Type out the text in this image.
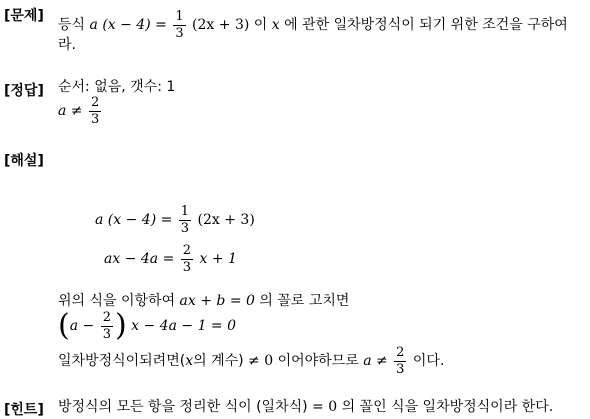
[문제]
[정답]
[해설]
[힌트]
등식 a $(x - 4) = \frac{1}{3} (2x + 3)$ 이 x 에 관한 일차방정식이 되기 위한 조건을 구하여
라.
순서: 없음, 갯수: 1
$a \ne \frac{2}{3}$
a $(x - 4) = \frac{1}{3} (2x + 3)$
ax − $4a = \frac{2}{3}$ x + 1
위의 식을 이항하여 ax + b = 0 의 꼴로 고치면
($a - \frac{2}{3}$ ) x − 4a − 1 = 0
일차방정식이되려면(x의 계수) ≠ 0 이어야하므로 $a \ne \frac{2}{3}$ 이다.
방정식의 모든 항을 정리한 식이 (일차식) = 0 의 꼴인 식을 일차방정식이라 한다.
